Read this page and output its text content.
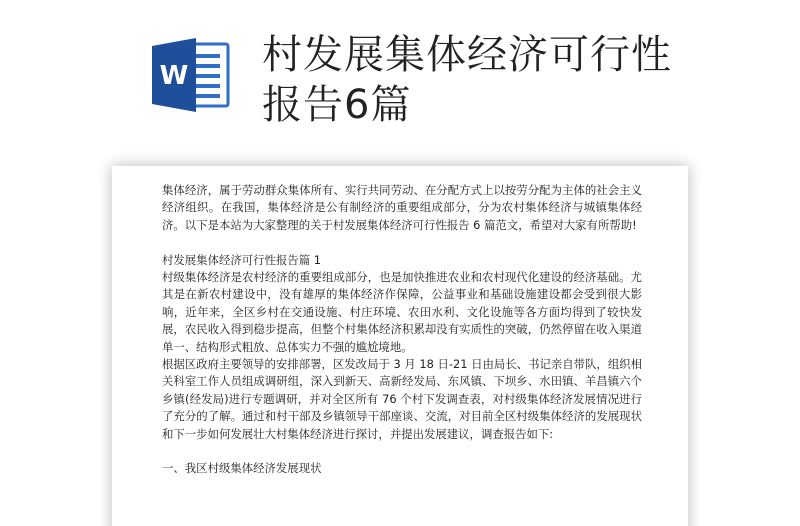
W 村发展集体经济可行性报告6篇

集体经济，属于劳动群众集体所有、实行共同劳动、在分配方式上以按劳分配为主体的社会主义经济组织。在我国，集体经济是公有制经济的重要组成部分，分为农村集体经济与城镇集体经济。以下是本站为大家整理的关于村发展集体经济可行性报告 6 篇范文，希望对大家有所帮助!

村发展集体经济可行性报告篇 1

村级集体经济是农村经济的重要组成部分，也是加快推进农业和农村现代化建设的经济基础。尤其是在新农村建设中，没有雄厚的集体经济作保障，公益事业和基础设施建设都会受到很大影响，近年来，全区乡村在交通设施、村庄环境、农田水利、文化设施等各方面均得到了较快发展，农民收入得到稳步提高，但整个村集体经济积累却没有实质性的突破，仍然停留在收入渠道单一、结构形式粗放、总体实力不强的尴尬境地。

根据区政府主要领导的安排部署，区发改局于 3 月 18 日-21 日由局长、书记亲自带队，组织相关科室工作人员组成调研组，深入到新天、高新经发局、东风镇、下坝乡、水田镇、羊昌镇六个乡镇(经发局)进行专题调研，并对全区所有 76 个村下发调查表，对村级集体经济发展情况进行了充分的了解。通过和村干部及乡镇领导干部座谈、交流，对目前全区村级集体经济的发展现状和下一步如何发展壮大村集体经济进行探讨，并提出发展建议，调查报告如下:

一、我区村级集体经济发展现状
